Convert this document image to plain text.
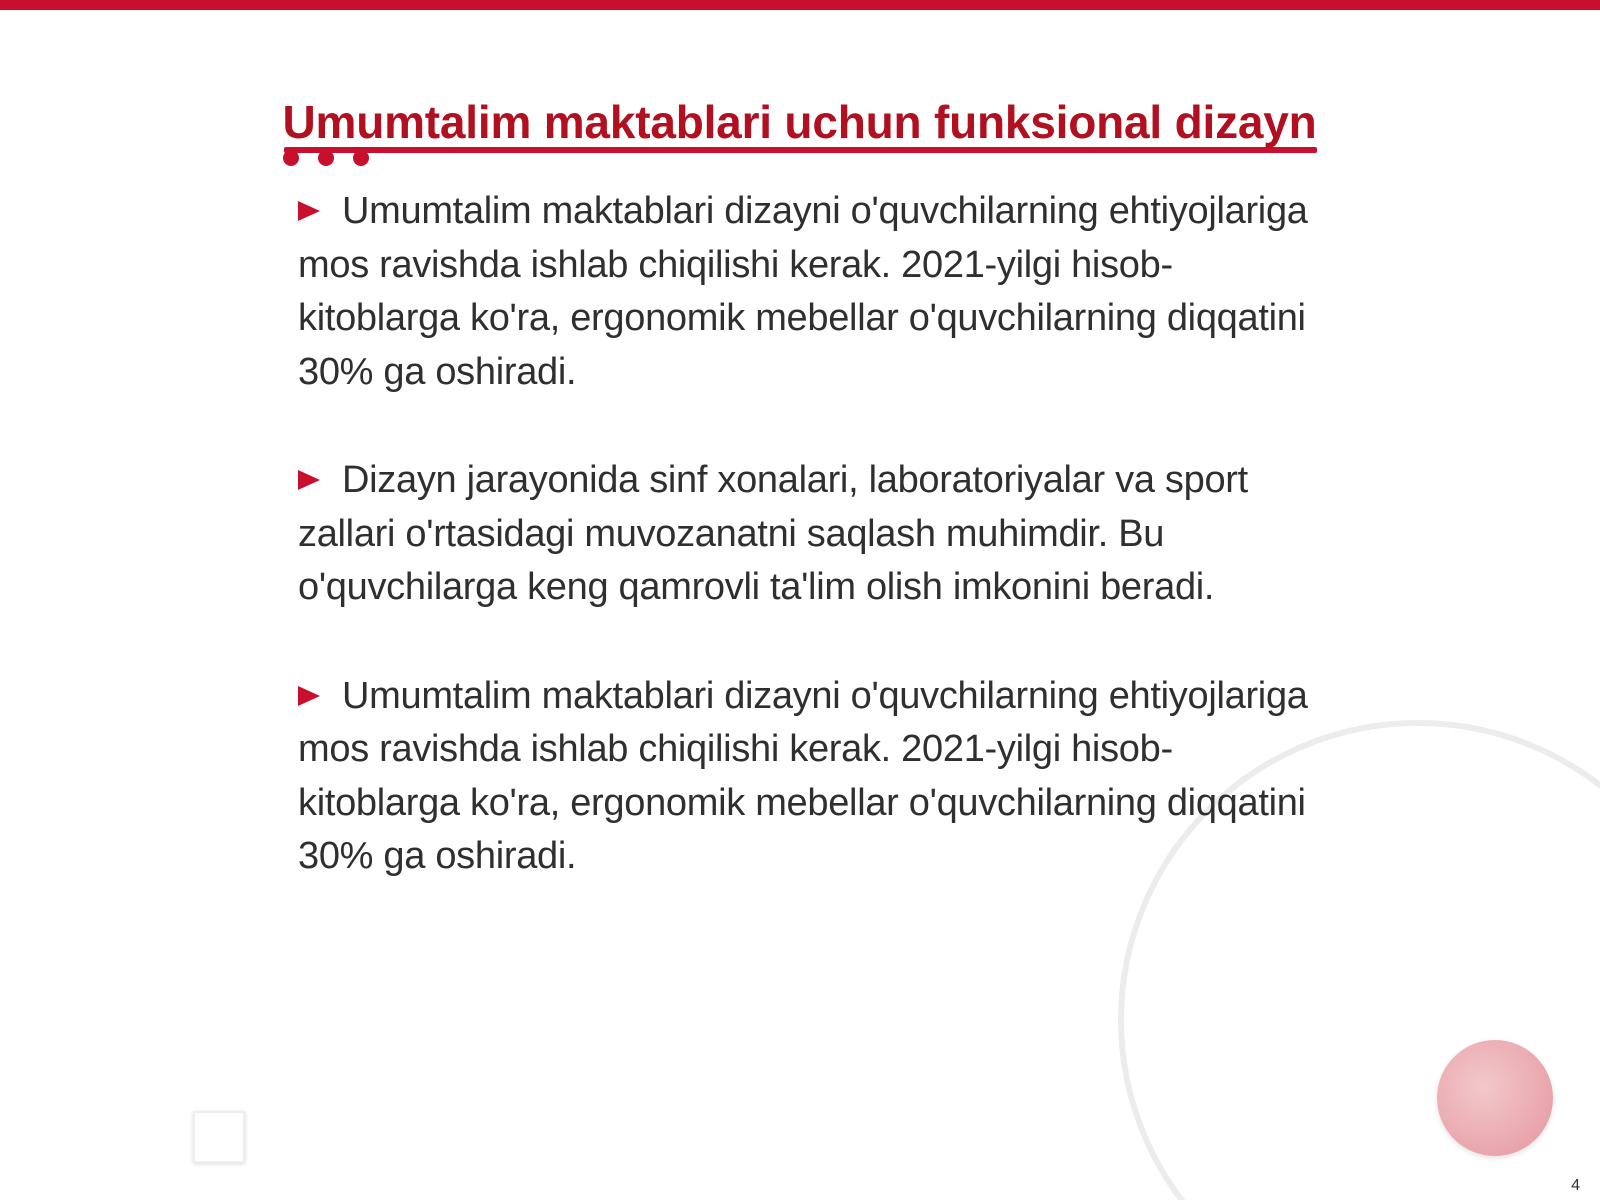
Umumtalim maktablari uchun funksional dizayn
Umumtalim maktablari dizayni o'quvchilarning ehtiyojlariga mos ravishda ishlab chiqilishi kerak. 2021-yilgi hisob-kitoblarga ko'ra, ergonomik mebellar o'quvchilarning diqqatini 30% ga oshiradi.
Dizayn jarayonida sinf xonalari, laboratoriyalar va sport zallari o'rtasidagi muvozanatni saqlash muhimdir. Bu o'quvchilarga keng qamrovli ta'lim olish imkonini beradi.
Umumtalim maktablari dizayni o'quvchilarning ehtiyojlariga mos ravishda ishlab chiqilishi kerak. 2021-yilgi hisob-kitoblarga ko'ra, ergonomik mebellar o'quvchilarning diqqatini 30% ga oshiradi.
4
